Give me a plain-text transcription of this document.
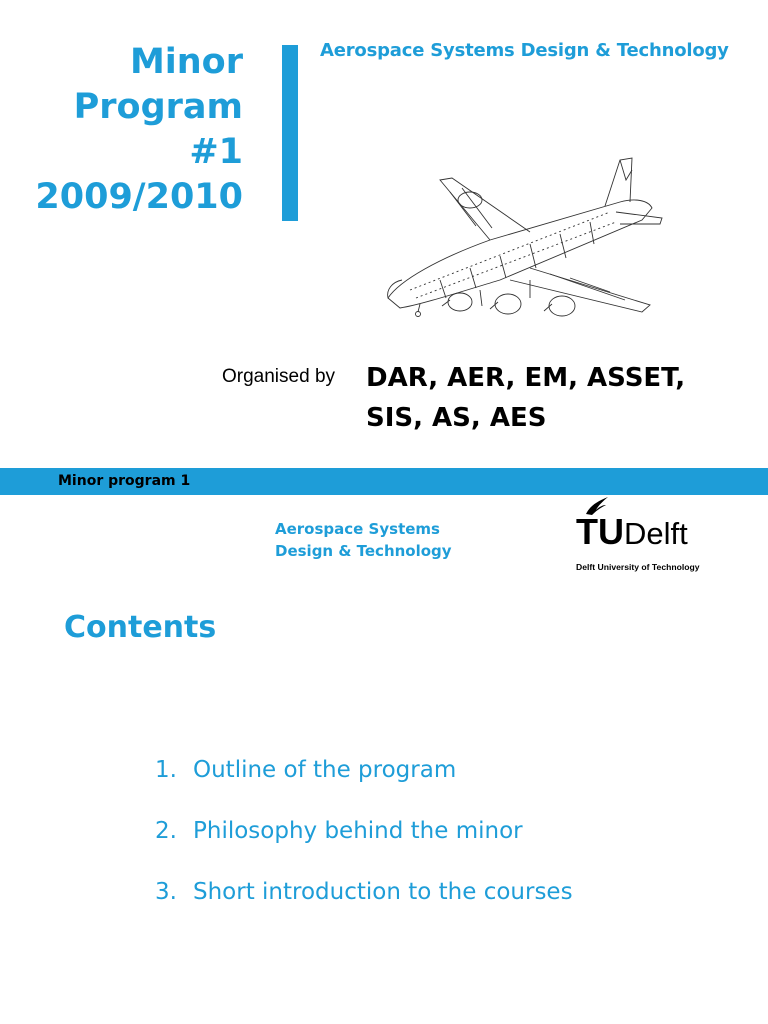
Minor
Program
#1
2009/2010
Aerospace Systems Design & Technology
Organised by DAR, AER, EM, ASSET,
SIS, AS, AES
Minor program 1
Aerospace Systems
Design & Technology	TUDelft
Delft University of Technology
Contents
1. Outline of the program
2. Philosophy behind the minor
3. Short introduction to the courses
